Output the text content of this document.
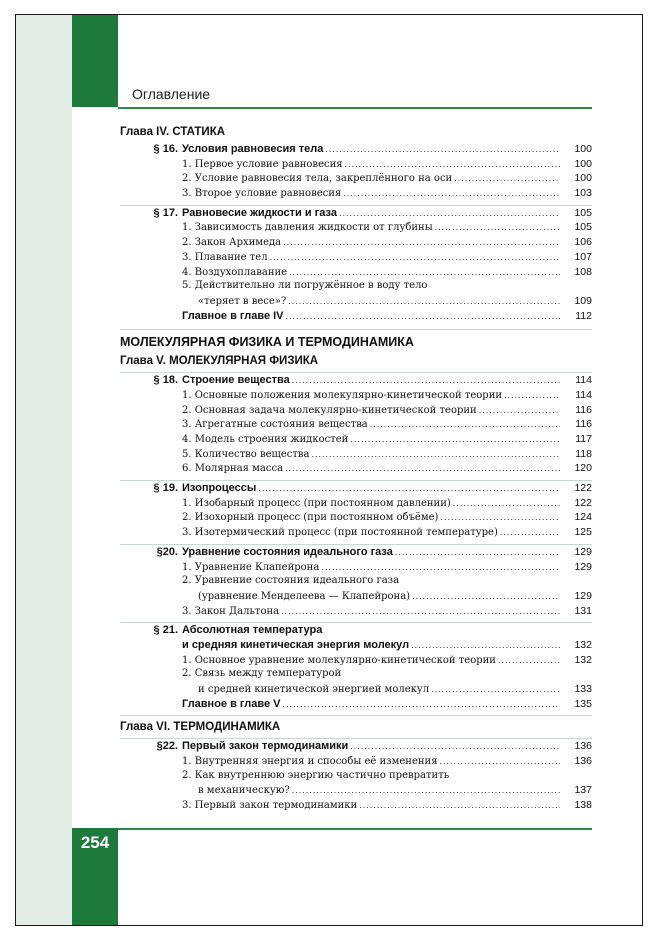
254
Оглавление
Глава IV. СТАТИКА
§ 16. Условия равновесия тела .....	100
1. Первое условие равновесия .....	100
2. Условие равновесия тела, закреплённого на оси .....	100
3. Второе условие равновесия .....	103
§ 17. Равновесие жидкости и газа .....	105
1. Зависимость давления жидкости от глубины .....	105
2. Закон Архимеда .....	106
3. Плавание тел .....	107
4. Воздухоплавание .....	108
5. Действительно ли погружённое в воду тело
«теряет в весе»? .....	109
Главное в главе IV .....	112
МОЛЕКУЛЯРНАЯ ФИЗИКА И ТЕРМОДИНАМИКА
Глава V. МОЛЕКУЛЯРНАЯ ФИЗИКА
§ 18. Строение вещества .....	114
1. Основные положения молекулярно-кинетической теории .....	114
2. Основная задача молекулярно-кинетической теории .....	116
3. Агрегатные состояния вещества .....	116
4. Модель строения жидкостей .....	117
5. Количество вещества .....	118
6. Молярная масса .....	120
§ 19. Изопроцессы .....	122
1. Изобарный процесс (при постоянном давлении) .....	122
2. Изохорный процесс (при постоянном объёме) .....	124
3. Изотермический процесс (при постоянной температуре) .....	125
§20. Уравнение состояния идеального газа .....	129
1. Уравнение Клапейрона .....	129
2. Уравнение состояния идеального газа
(уравнение Менделеева — Клапейрона) .....	129
3. Закон Дальтона .....	131
§ 21. Абсолютная температура
и средняя кинетическая энергия молекул .....	132
1. Основное уравнение молекулярно-кинетической теории .....	132
2. Связь между температурой
и средней кинетической энергией молекул .....	133
Главное в главе V .....	135
Глава VI. ТЕРМОДИНАМИКА
§22. Первый закон термодинамики .....	136
1. Внутренняя энергия и способы её изменения .....	136
2. Как внутреннюю энергию частично превратить
в механическую? .....	137
3. Первый закон термодинамики .....	138
